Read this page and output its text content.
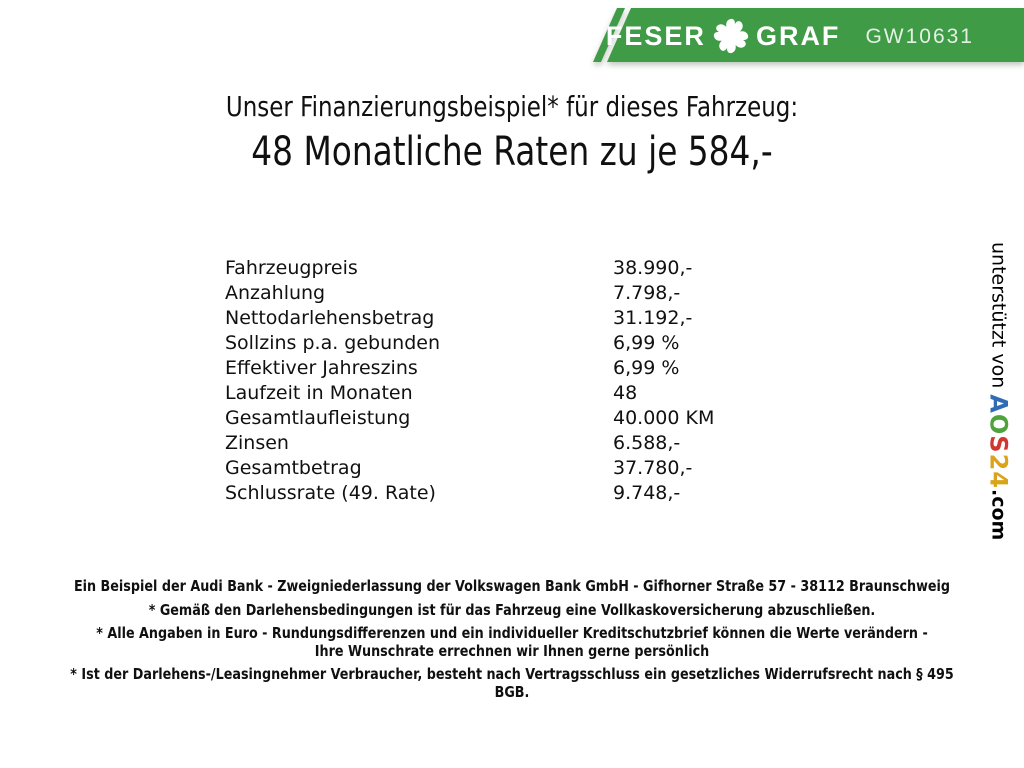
FESER GRAF GW10631
Unser Finanzierungsbeispiel* für dieses Fahrzeug:
48 Monatliche Raten zu je 584,-
Fahrzeugpreis	38.990,-
Anzahlung	7.798,-
Nettodarlehensbetrag	31.192,-
Sollzins p.a. gebunden	6,99 %
Effektiver Jahreszins	6,99 %
Laufzeit in Monaten	48
Gesamtlaufleistung	40.000 KM
Zinsen	6.588,-
Gesamtbetrag	37.780,-
Schlussrate (49. Rate)	9.748,-
unterstützt von AOS24.com

Ein Beispiel der Audi Bank - Zweigniederlassung der Volkswagen Bank GmbH - Gifhorner Straße 57 - 38112 Braunschweig

* Gemäß den Darlehensbedingungen ist für das Fahrzeug eine Vollkaskoversicherung abzuschließen.

* Alle Angaben in Euro - Rundungsdifferenzen und ein individueller Kreditschutzbrief können die Werte verändern - Ihre Wunschrate errechnen wir Ihnen gerne persönlich

* Ist der Darlehens-/Leasingnehmer Verbraucher, besteht nach Vertragsschluss ein gesetzliches Widerrufsrecht nach § 495 BGB.
